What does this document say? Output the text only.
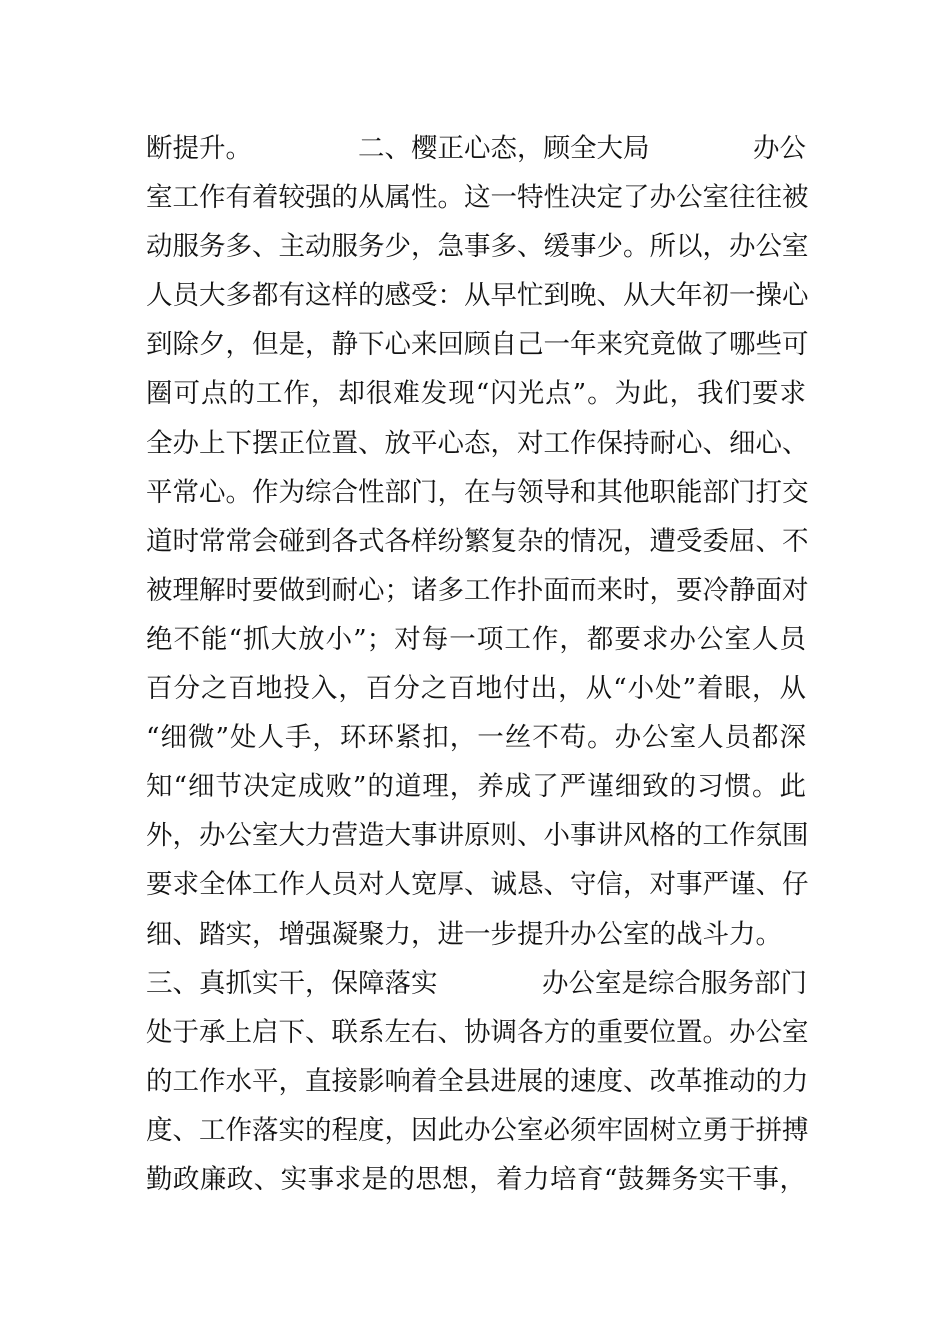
断提升。	二、樱正心态，顾全大局	办公
室工作有着较强的从属性。这一特性决定了办公室往往被
动服务多、主动服务少，急事多、缓事少。所以，办公室
人员大多都有这样的感受：从早忙到晚、从大年初一操心
到除夕，但是，静下心来回顾自己一年来究竟做了哪些可
圈可点的工作，却很难发现“闪光点”。为此，我们要求
全办上下摆正位置、放平心态，对工作保持耐心、细心、
平常心。作为综合性部门，在与领导和其他职能部门打交
道时常常会碰到各式各样纷繁复杂的情况，遭受委屈、不
被理解时要做到耐心；诸多工作扑面而来时，要冷静面对
绝不能“抓大放小”；对每一项工作，都要求办公室人员
百分之百地投入，百分之百地付出，从“小处”着眼，从
“细微”处人手，环环紧扣，一丝不苟。办公室人员都深
知“细节决定成败”的道理，养成了严谨细致的习惯。此
外，办公室大力营造大事讲原则、小事讲风格的工作氛围
要求全体工作人员对人宽厚、诚恳、守信，对事严谨、仔
细、踏实，增强凝聚力，进一步提升办公室的战斗力。
三、真抓实干，保障落实	办公室是综合服务部门
处于承上启下、联系左右、协调各方的重要位置。办公室
的工作水平，直接影响着全县进展的速度、改革推动的力
度、工作落实的程度，因此办公室必须牢固树立勇于拼搏
勤政廉政、实事求是的思想，着力培育“鼓舞务实干事，
